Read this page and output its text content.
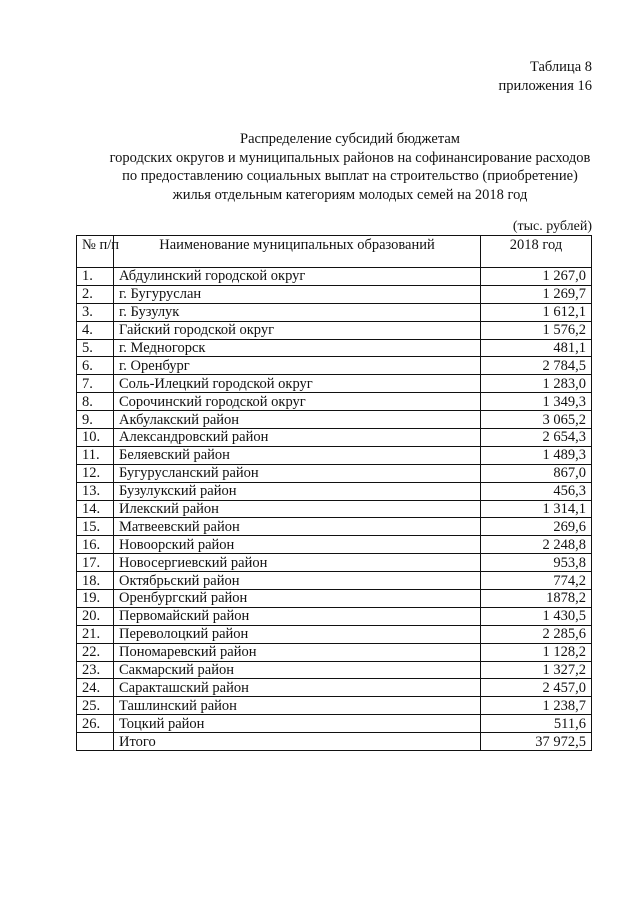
Таблица 8
приложения 16
Распределение субсидий бюджетам
городских округов и муниципальных районов на софинансирование расходов
по предоставлению социальных выплат на строительство (приобретение)
жилья отдельным категориям молодых семей на 2018 год
(тыс. рублей)
№ п/п	Наименование муниципальных образований	2018 год
1.	Абдулинский городской округ	1 267,0
2.	г. Бугуруслан	1 269,7
3.	г. Бузулук	1 612,1
4.	Гайский городской округ	1 576,2
5.	г. Медногорск	481,1
6.	г. Оренбург	2 784,5
7.	Соль-Илецкий городской округ	1 283,0
8.	Сорочинский городской округ	1 349,3
9.	Акбулакский район	3 065,2
10.	Александровский район	2 654,3
11.	Беляевский район	1 489,3
12.	Бугурусланский район	867,0
13.	Бузулукский район	456,3
14.	Илекский район	1 314,1
15.	Матвеевский район	269,6
16.	Новоорский район	2 248,8
17.	Новосергиевский район	953,8
18.	Октябрьский район	774,2
19.	Оренбургский район	1878,2
20.	Первомайский район	1 430,5
21.	Переволоцкий район	2 285,6
22.	Пономаревский район	1 128,2
23.	Сакмарский район	1 327,2
24.	Саракташский район	2 457,0
25.	Ташлинский район	1 238,7
26.	Тоцкий район	511,6
	Итого	37 972,5
